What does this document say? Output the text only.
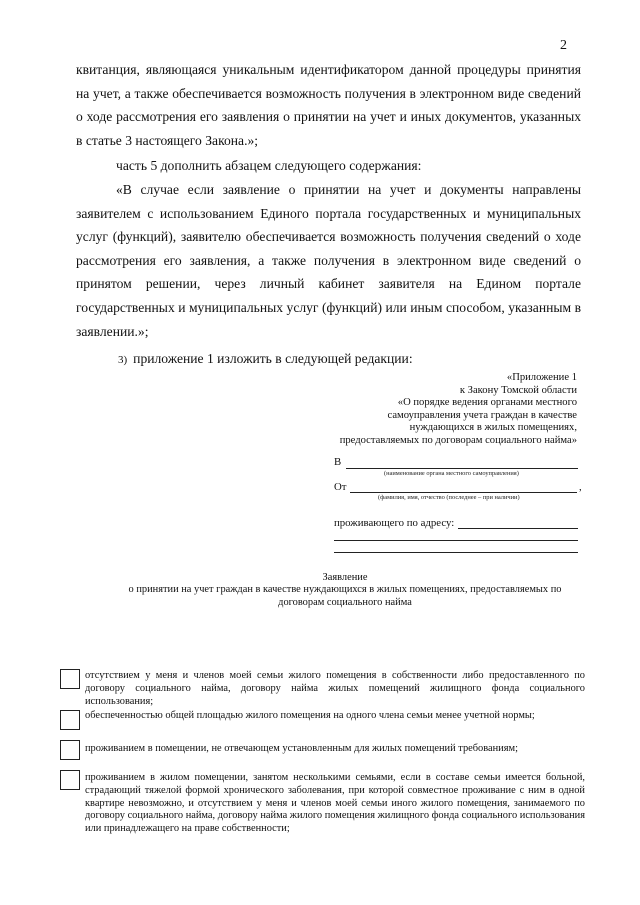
2

квитанция, являющаяся уникальным идентификатором данной процедуры принятия на учет, а также обеспечивается возможность получения в электронном виде сведений о ходе рассмотрения его заявления о принятии на учет и иных документов, указанных в статье 3 настоящего Закона.»;

часть 5 дополнить абзацем следующего содержания:

«В случае если заявление о принятии на учет и документы направлены заявителем с использованием Единого портала государственных и муниципальных услуг (функций), заявителю обеспечивается возможность получения сведений о ходе рассмотрения его заявления, а также получения в электронном виде сведений о принятом решении, через личный кабинет заявителя на Едином портале государственных и муниципальных услуг (функций) или иным способом, указанным в заявлении.»;

3) приложение 1 изложить в следующей редакции:
«Приложение 1
к Закону Томской области
«О порядке ведения органами местного
самоуправления учета граждан в качестве
нуждающихся в жилых помещениях,
предоставляемых по договорам социального найма»
В
(наименование органа местного самоуправления)
От	,
(фамилия, имя, отчество (последнее – при наличии)
проживающего по адресу:
Заявление
о принятии на учет граждан в качестве нуждающихся в жилых помещениях, предоставляемых по договорам социального найма
отсутствием у меня и членов моей семьи жилого помещения в собственности либо предоставленного по договору социального найма, договору найма жилых помещений жилищного фонда социального использования;
обеспеченностью общей площадью жилого помещения на одного члена семьи менее учетной нормы;
проживанием в помещении, не отвечающем установленным для жилых помещений требованиям;
проживанием в жилом помещении, занятом несколькими семьями, если в составе семьи имеется больной, страдающий тяжелой формой хронического заболевания, при которой совместное проживание с ним в одной квартире невозможно, и отсутствием у меня и членов моей семьи иного жилого помещения, занимаемого по договору социального найма, договору найма жилого помещения жилищного фонда социального использования или принадлежащего на праве собственности;
